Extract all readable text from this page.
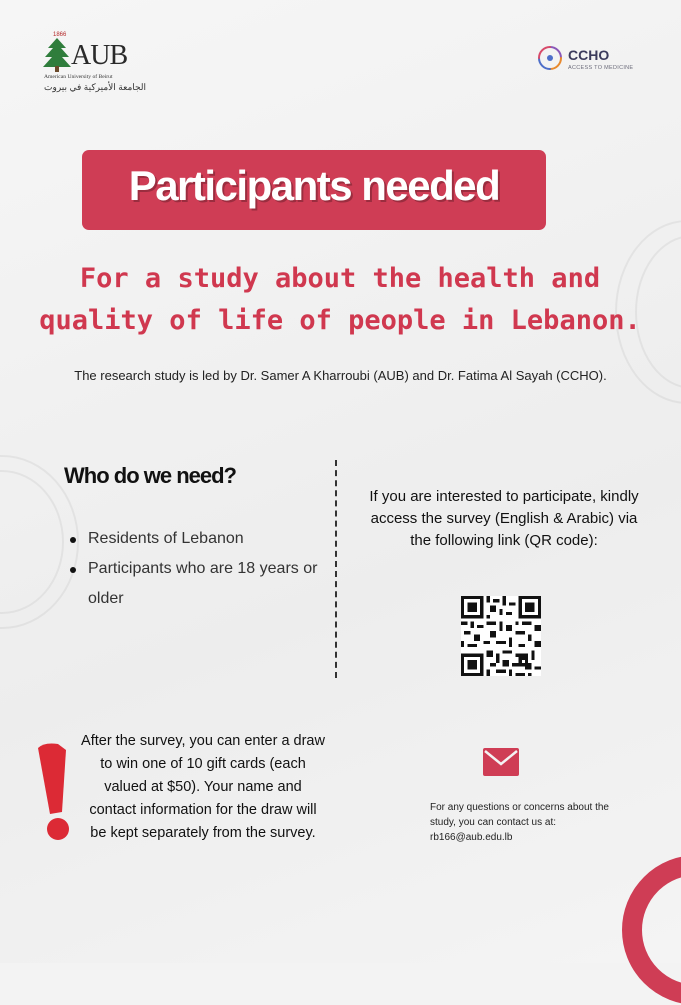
1866
AUB
American University of Beirut
الجامعة الأميركية في بيروت
CCHO
ACCESS TO MEDICINE
Participants needed
For a study about the health and
quality of life of people in Lebanon.
The research study is led by Dr. Samer A Kharroubi (AUB) and Dr. Fatima Al Sayah (CCHO).
Who do we need?
Residents of Lebanon
Participants who are 18 years or older
If you are interested to participate, kindly access the survey (English & Arabic) via the following link (QR code):
After the survey, you can enter a draw to win one of 10 gift cards (each valued at $50). Your name and contact information for the draw will be kept separately from the survey.
For any questions or concerns about the study, you can contact us at: rb166@aub.edu.lb
